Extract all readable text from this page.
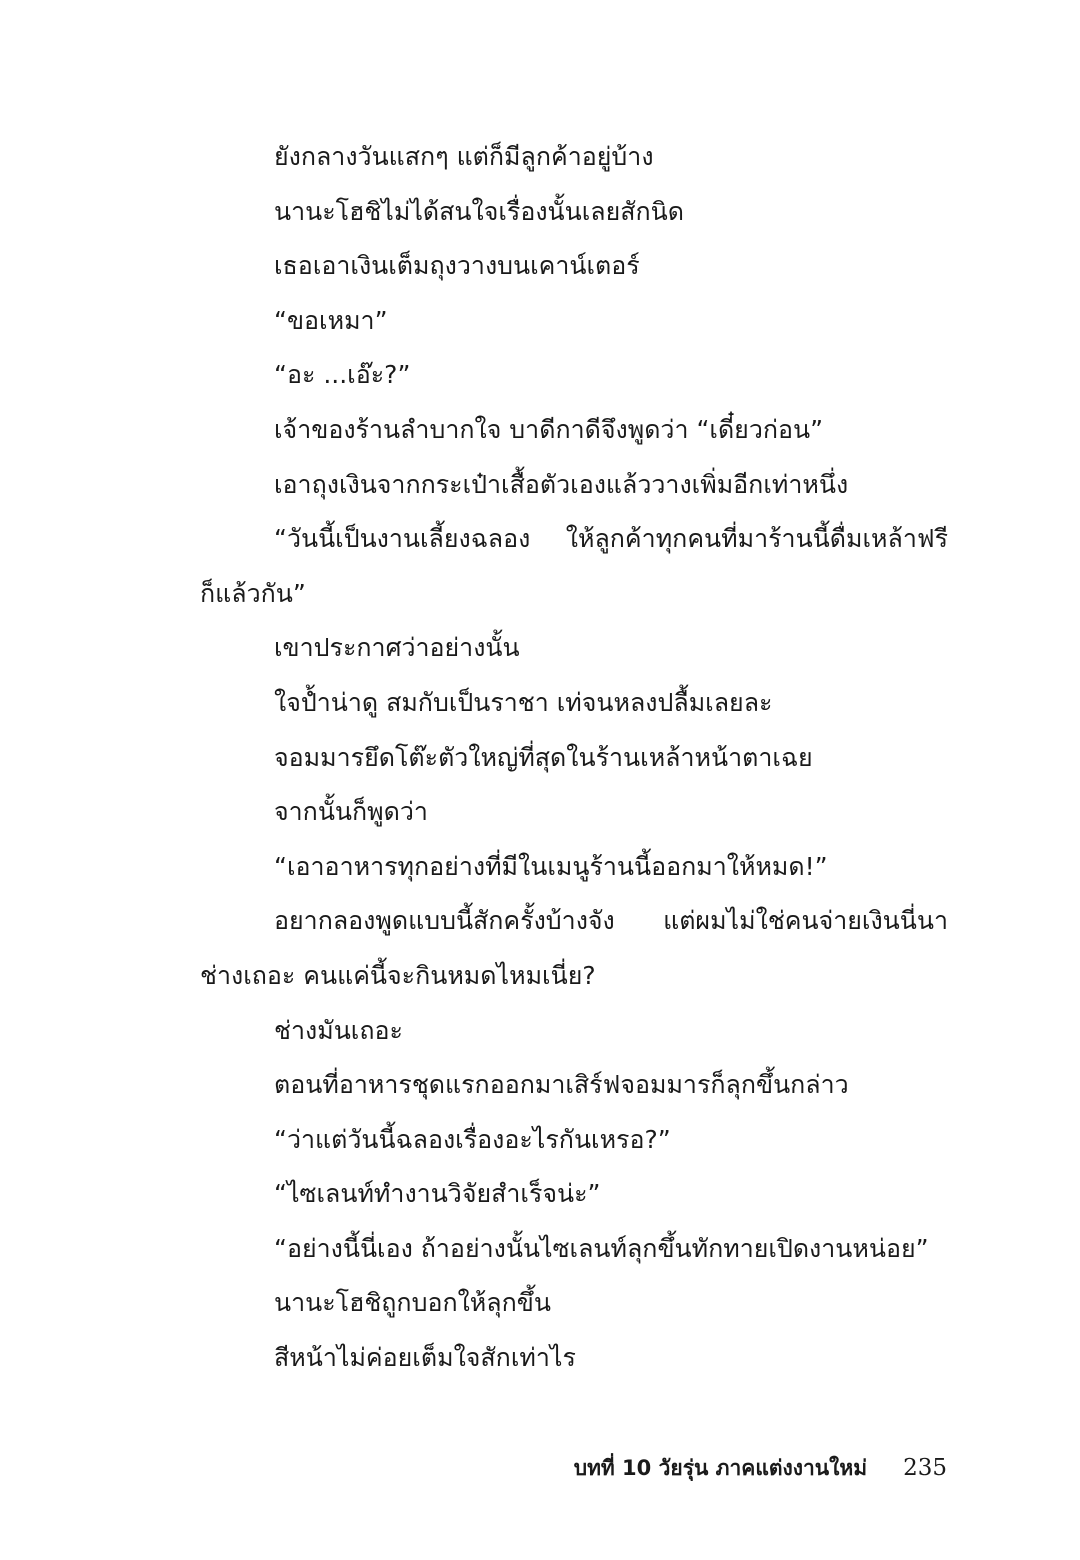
ยังกลางวันแสกๆ แต่ก็มีลูกค้าอยู่บ้าง
นานะโฮชิไม่ได้สนใจเรื่องนั้นเลยสักนิด
เธอเอาเงินเต็มถุงวางบนเคาน์เตอร์
“ขอเหมา”
“อะ ...เอ๊ะ?”
เจ้าของร้านลำบากใจ บาดีกาดีจึงพูดว่า “เดี๋ยวก่อน”
เอาถุงเงินจากกระเป๋าเสื้อตัวเองแล้ววางเพิ่มอีกเท่าหนึ่ง
“วันนี้เป็นงานเลี้ยงฉลอง ให้ลูกค้าทุกคนที่มาร้านนี้ดื่มเหล้าฟรี
ก็แล้วกัน”
เขาประกาศว่าอย่างนั้น
ใจป้ำน่าดู สมกับเป็นราชา เท่จนหลงปลื้มเลยละ
จอมมารยึดโต๊ะตัวใหญ่ที่สุดในร้านเหล้าหน้าตาเฉย
จากนั้นก็พูดว่า
“เอาอาหารทุกอย่างที่มีในเมนูร้านนี้ออกมาให้หมด!”
อยากลองพูดแบบนี้สักครั้งบ้างจัง แต่ผมไม่ใช่คนจ่ายเงินนี่นา
ช่างเถอะ คนแค่นี้จะกินหมดไหมเนี่ย?
ช่างมันเถอะ
ตอนที่อาหารชุดแรกออกมาเสิร์ฟจอมมารก็ลุกขึ้นกล่าว
“ว่าแต่วันนี้ฉลองเรื่องอะไรกันเหรอ?”
“ไซเลนท์ทำงานวิจัยสำเร็จน่ะ”
“อย่างนี้นี่เอง ถ้าอย่างนั้นไซเลนท์ลุกขึ้นทักทายเปิดงานหน่อย”
นานะโฮชิถูกบอกให้ลุกขึ้น
สีหน้าไม่ค่อยเต็มใจสักเท่าไร
บทที่ 10 วัยรุ่น ภาคแต่งงานใหม่ 235
